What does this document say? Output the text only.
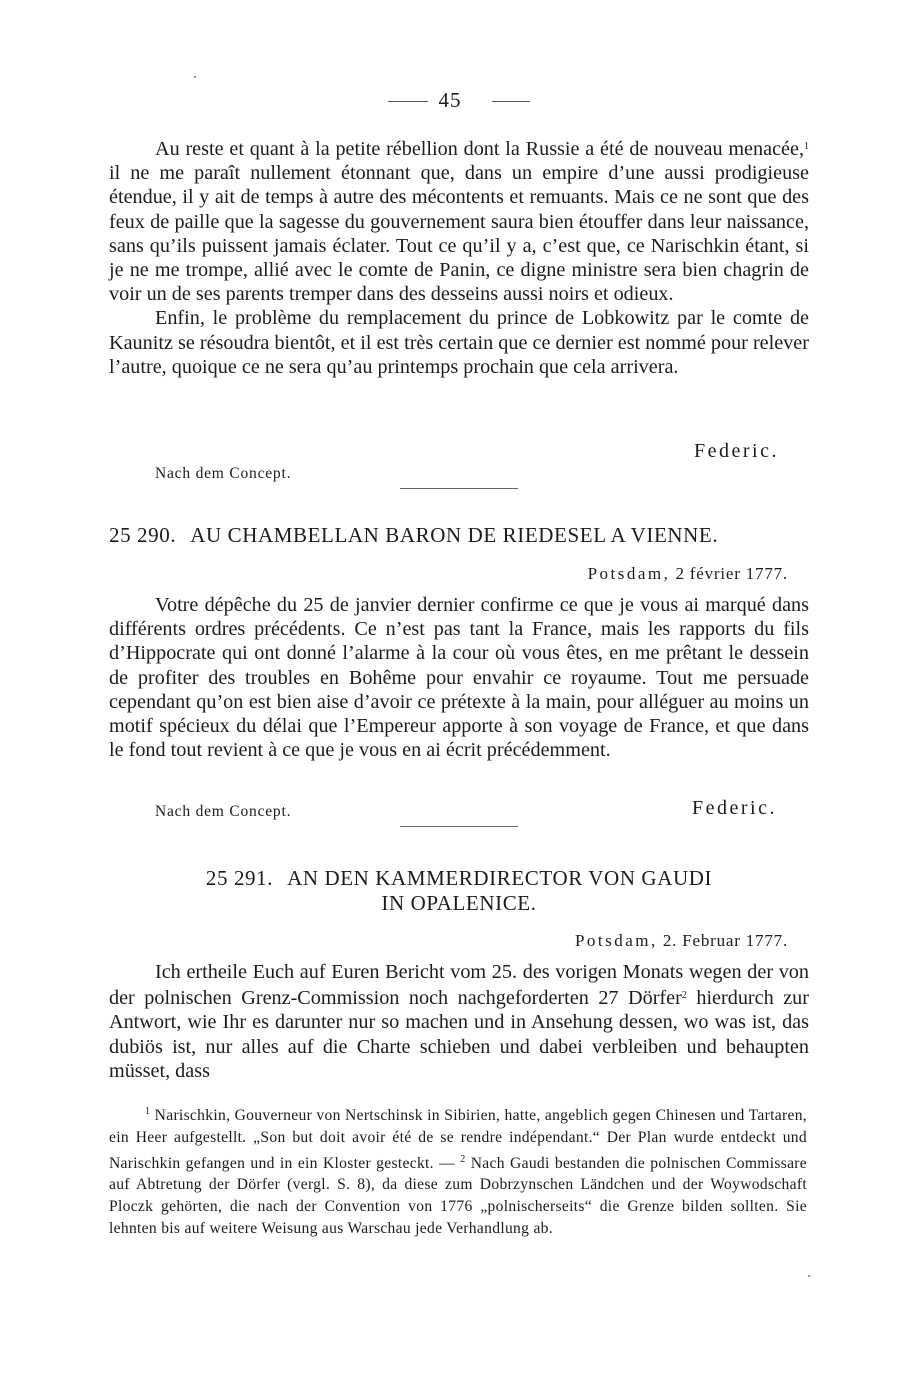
45

Au reste et quant à la petite rébellion dont la Russie a été de nouveau menacée,$^1$ il ne me paraît nullement étonnant que, dans un empire d’une aussi prodigieuse étendue, il y ait de temps à autre des mécontents et remuants. Mais ce ne sont que des feux de paille que la sagesse du gouvernement saura bien étouffer dans leur naissance, sans qu’ils puissent jamais éclater. Tout ce qu’il y a, c’est que, ce Narischkin étant, si je ne me trompe, allié avec le comte de Panin, ce digne ministre sera bien chagrin de voir un de ses parents tremper dans des desseins aussi noirs et odieux.

Enfin, le problème du remplacement du prince de Lobkowitz par le comte de Kaunitz se résoudra bientôt, et il est très certain que ce dernier est nommé pour relever l’autre, quoique ce ne sera qu’au printemps prochain que cela arrivera.

Federic.
Nach dem Concept.
25 290. AU CHAMBELLAN BARON DE RIEDESEL A VIENNE.
Potsdam, 2 février 1777.

Votre dépêche du 25 de janvier dernier confirme ce que je vous ai marqué dans différents ordres précédents. Ce n’est pas tant la France, mais les rapports du fils d’Hippocrate qui ont donné l’alarme à la cour où vous êtes, en me prêtant le dessein de profiter des troubles en Bohême pour envahir ce royaume. Tout me persuade cependant qu’on est bien aise d’avoir ce prétexte à la main, pour alléguer au moins un motif spécieux du délai que l’Empereur apporte à son voyage de France, et que dans le fond tout revient à ce que je vous en ai écrit précédemment.

Nach dem Concept.	Federic.
25 291. AN DEN KAMMERDIRECTOR VON GAUDI
IN OPALENICE.
Potsdam, 2. Februar 1777.

Ich ertheile Euch auf Euren Bericht vom 25. des vorigen Monats wegen der von der polnischen Grenz-Commission noch nachgeforderten 27 Dörfer$^2$ hierdurch zur Antwort, wie Ihr es darunter nur so machen und in Ansehung dessen, wo was ist, das dubiös ist, nur alles auf die Charte schieben und dabei verbleiben und behaupten müsset, dass

$^1$ Narischkin, Gouverneur von Nertschinsk in Sibirien, hatte, angeblich gegen Chinesen und Tartaren, ein Heer aufgestellt. „Son but doit avoir été de se rendre indépendant.“ Der Plan wurde entdeckt und Narischkin gefangen und in ein Kloster gesteckt. — $^2$ Nach Gaudi bestanden die polnischen Commissare auf Abtretung der Dörfer (vergl. S. 8), da diese zum Dobrzynschen Ländchen und der Woywodschaft Ploczk gehörten, die nach der Convention von 1776 „polnischerseits“ die Grenze bilden sollten. Sie lehnten bis auf weitere Weisung aus Warschau jede Verhandlung ab.
